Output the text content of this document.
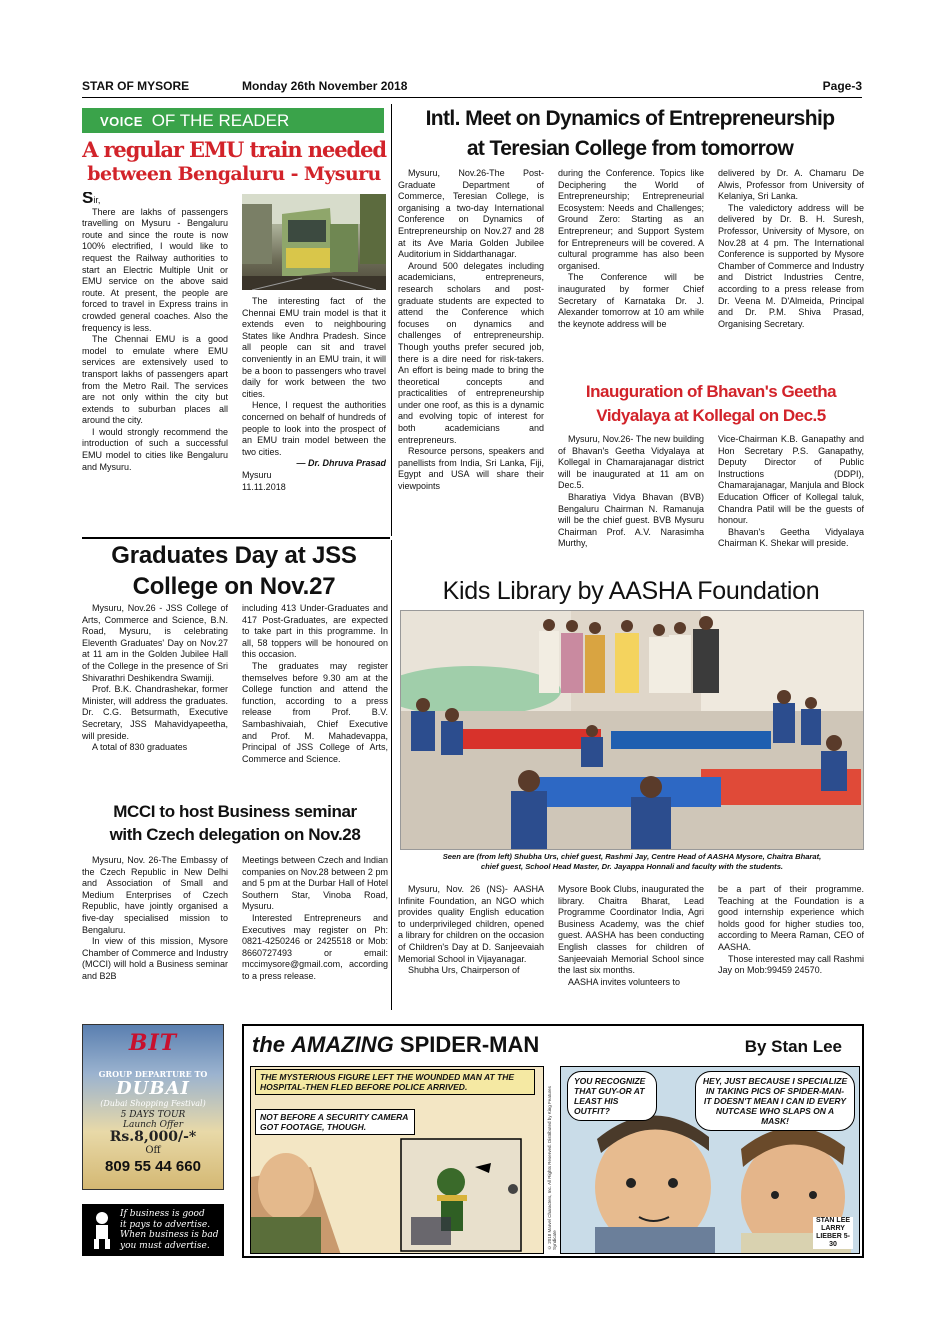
STAR OF MYSORE	Monday 26th November 2018	Page-3
VOICE OF THE READER
A regular EMU train needed
between Bengaluru - Mysuru

Sir,

There are lakhs of passengers travelling on Mysuru - Bengaluru route and since the route is now 100% electrified, I would like to request the Railway authorities to start an Electric Multiple Unit or EMU service on the above said route. At present, the people are forced to travel in Express trains in crowded general coaches. Also the frequency is less.

The Chennai EMU is a good model to emulate where EMU services are extensively used to transport lakhs of passengers apart from the Metro Rail. The services are not only within the city but extends to suburban places all around the city.

I would strongly recommend the introduction of such a successful EMU model to cities like Bengaluru and Mysuru.

The interesting fact of the Chennai EMU train model is that it extends even to neighbouring States like Andhra Pradesh. Since all people can sit and travel conveniently in an EMU train, it will be a boon to passengers who travel daily for work between the two cities.

Hence, I request the authorities concerned on behalf of hundreds of people to look into the prospect of an EMU train model between the two cities.

— Dr. Dhruva Prasad

Mysuru

11.11.2018

Intl. Meet on Dynamics of Entrepreneurship
at Teresian College from tomorrow

Mysuru, Nov.26-The Post-Graduate Department of Commerce, Teresian College, is organising a two-day International Conference on Dynamics of Entrepreneurship on Nov.27 and 28 at its Ave Maria Golden Jubilee Auditorium in Siddarthanagar.

Around 500 delegates including academicians, entrepreneurs, research scholars and post-graduate students are expected to attend the Conference which focuses on dynamics and challenges of entrepreneurship. Though youths prefer secured job, there is a dire need for risk-takers. An effort is being made to bring the theoretical concepts and practicalities of entrepreneurship under one roof, as this is a dynamic and evolving topic of interest for both academicians and entrepreneurs.

Resource persons, speakers and panellists from India, Sri Lanka, Fiji, Egypt and USA will share their viewpoints

during the Conference. Topics like Deciphering the World of Entrepreneurship; Entrepreneurial Ecosystem: Needs and Challenges; Ground Zero: Starting as an Entrepreneur; and Support System for Entrepreneurs will be covered. A cultural programme has also been organised.

The Conference will be inaugurated by former Chief Secretary of Karnataka Dr. J. Alexander tomorrow at 10 am while the keynote address will be

delivered by Dr. A. Chamaru De Alwis, Professor from University of Kelaniya, Sri Lanka.

The valedictory address will be delivered by Dr. B. H. Suresh, Professor, University of Mysore, on Nov.28 at 4 pm. The International Conference is supported by Mysore Chamber of Commerce and Industry and District Industries Centre, according to a press release from Dr. Veena M. D'Almeida, Principal and Dr. P.M. Shiva Prasad, Organising Secretary.

Inauguration of Bhavan's Geetha
Vidyalaya at Kollegal on Dec.5

Mysuru, Nov.26- The new building of Bhavan's Geetha Vidyalaya at Kollegal in Chamarajanagar district will be inaugurated at 11 am on Dec.5.

Bharatiya Vidya Bhavan (BVB) Bengaluru Chairman N. Ramanuja will be the chief guest. BVB Mysuru Chairman Prof. A.V. Narasimha Murthy,

Vice-Chairman K.B. Ganapathy and Hon Secretary P.S. Ganapathy, Deputy Director of Public Instructions (DDPI), Chamarajanagar, Manjula and Block Education Officer of Kollegal taluk, Chandra Patil will be the guests of honour.

Bhavan's Geetha Vidyalaya Chairman K. Shekar will preside.

Graduates Day at JSS
College on Nov.27

Mysuru, Nov.26 - JSS College of Arts, Commerce and Science, B.N. Road, Mysuru, is celebrating Eleventh Graduates' Day on Nov.27 at 11 am in the Golden Jubilee Hall of the College in the presence of Sri Shivarathri Deshikendra Swamiji.

Prof. B.K. Chandrashekar, former Minister, will address the graduates. Dr. C.G. Betsurmath, Executive Secretary, JSS Mahavidyapeetha, will preside.

A total of 830 graduates

including 413 Under-Graduates and 417 Post-Graduates, are expected to take part in this programme. In all, 58 toppers will be honoured on this occasion.

The graduates may register themselves before 9.30 am at the College function and attend the function, according to a press release from Prof. B.V. Sambashivaiah, Chief Executive and Prof. M. Mahadevappa, Principal of JSS College of Arts, Commerce and Science.

MCCI to host Business seminar
with Czech delegation on Nov.28

Mysuru, Nov. 26-The Embassy of the Czech Republic in New Delhi and Association of Small and Medium Enterprises of Czech Republic, have jointly organised a five-day specialised mission to Bengaluru.

In view of this mission, Mysore Chamber of Commerce and Industry (MCCI) will hold a Business seminar and B2B

Meetings between Czech and Indian companies on Nov.28 between 2 pm and 5 pm at the Durbar Hall of Hotel Southern Star, Vinoba Road, Mysuru.

Interested Entrepreneurs and Executives may register on Ph: 0821-4250246 or 2425518 or Mob: 8660727493 or email: mccimysore@gmail.com, according to a press release.

Kids Library by AASHA Foundation
Seen are (from left) Shubha Urs, chief guest, Rashmi Jay, Centre Head of AASHA Mysore, Chaitra Bharat,
chief guest, School Head Master, Dr. Jayappa Honnali and faculty with the students.

Mysuru, Nov. 26 (NS)- AASHA Infinite Foundation, an NGO which provides quality English education to underprivileged children, opened a library for children on the occasion of Children's Day at D. Sanjeevaiah Memorial School in Vijayanagar.

Shubha Urs, Chairperson of

Mysore Book Clubs, inaugurated the library. Chaitra Bharat, Lead Programme Coordinator India, Agri Business Academy, was the chief guest. AASHA has been conducting English classes for children of Sanjeevaiah Memorial School since the last six months.

AASHA invites volunteers to

be a part of their programme. Teaching at the Foundation is a good internship experience which holds good for higher studies too, according to Meera Raman, CEO of AASHA.

Those interested may call Rashmi Jay on Mob:99459 24570.

BIT
GROUP DEPARTURE TO
DUBAI
(Dubai Shopping Festival)
5 DAYS TOUR
Launch Offer
Rs.8,000/-*
Off
809 55 44 660
If business is good
it pays to advertise.
When business is bad
you must advertise.
the AMAZING SPIDER-MAN	By Stan Lee
THE MYSTERIOUS FIGURE LEFT THE WOUNDED MAN AT THE HOSPITAL-THEN FLED BEFORE POLICE ARRIVED.
NOT BEFORE A SECURITY CAMERA GOT FOOTAGE, THOUGH.	© 2018 Marvel Characters, Inc. All Rights Reserved. Distributed by King Features Syndicate
YOU RECOGNIZE THAT GUY-OR AT LEAST HIS OUTFIT?
HEY, JUST BECAUSE I SPECIALIZE IN TAKING PICS OF SPIDER-MAN- IT DOESN'T MEAN I CAN ID EVERY NUTCASE WHO SLAPS ON A MASK!
STAN LEE LARRY LIEBER 5-30
